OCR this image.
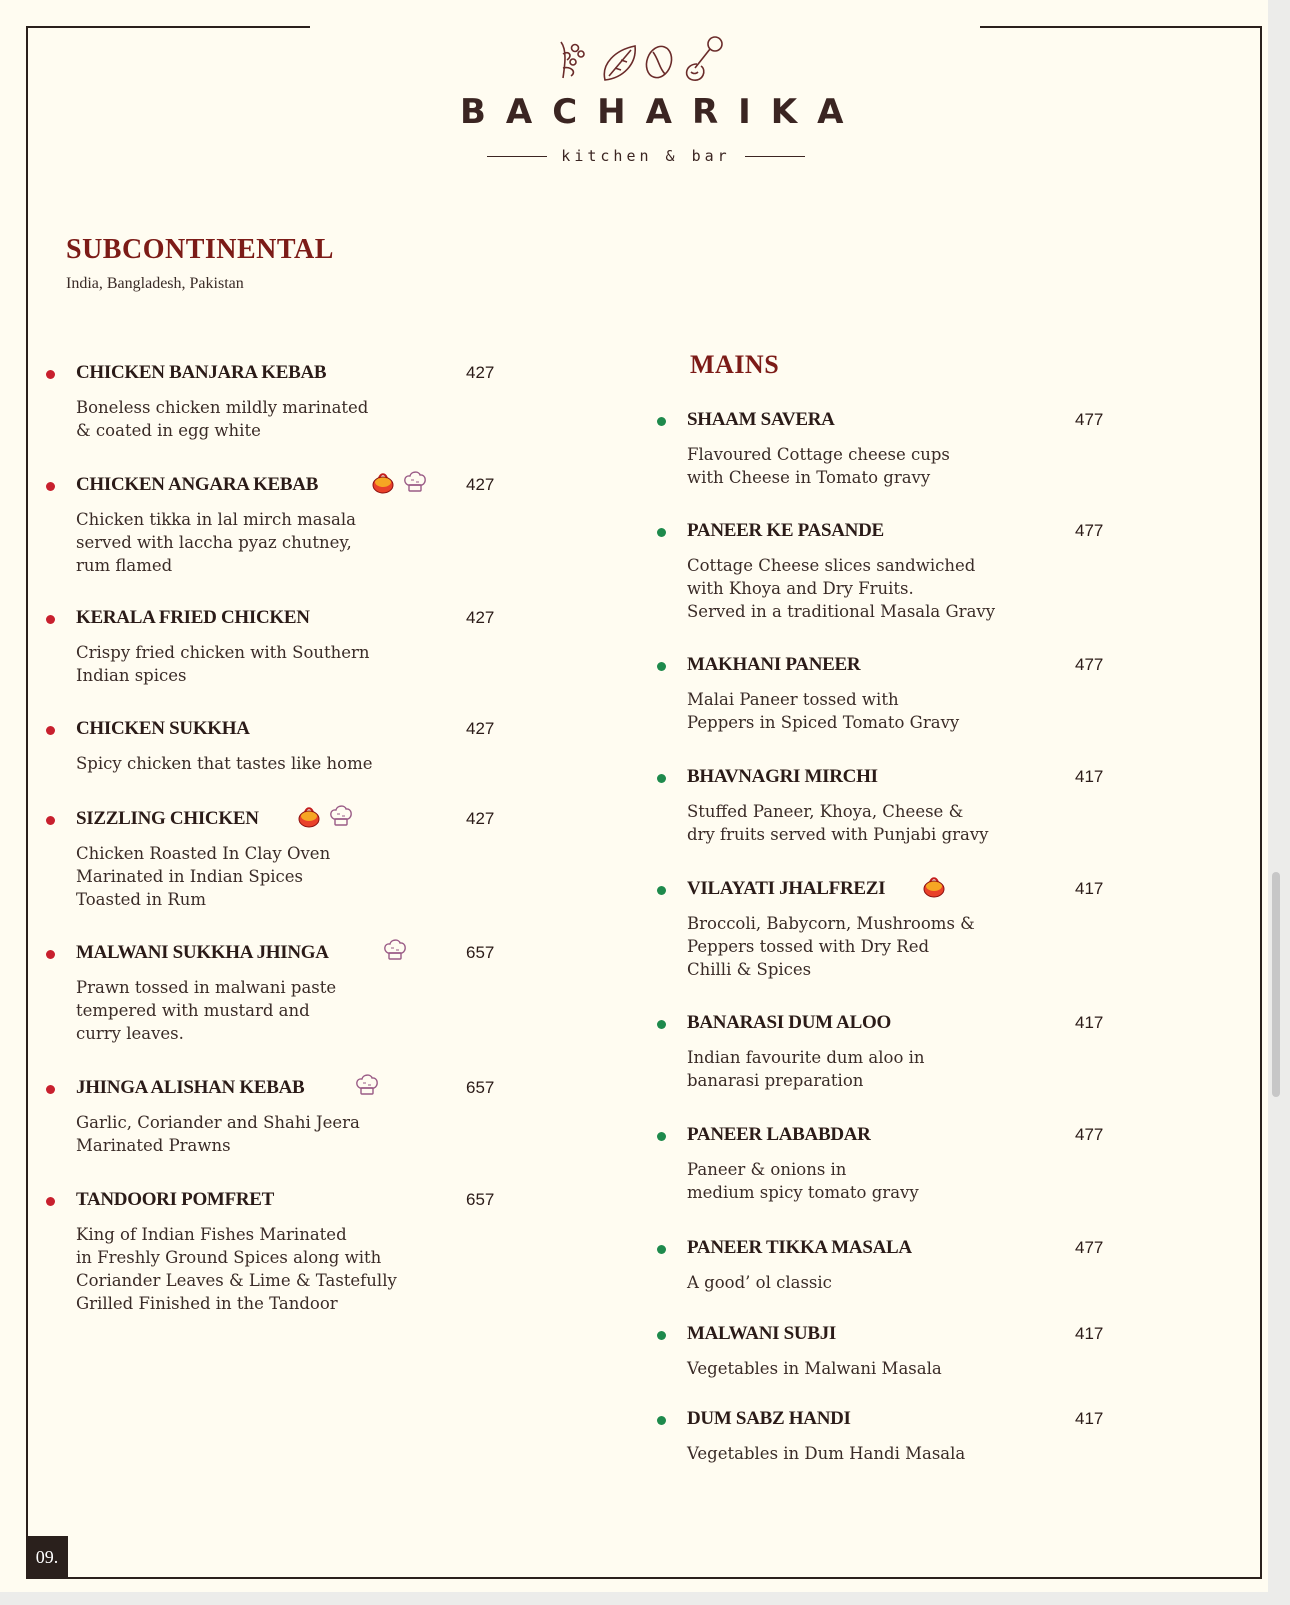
BACHARIKA
kitchen & bar
SUBCONTINENTAL
India, Bangladesh, Pakistan
MAINS
CHICKEN BANJARA KEBAB	427
Boneless chicken mildly marinated
& coated in egg white
CHICKEN ANGARA KEBAB	427
Chicken tikka in lal mirch masala
served with laccha pyaz chutney,
rum flamed
KERALA FRIED CHICKEN	427
Crispy fried chicken with Southern
Indian spices
CHICKEN SUKKHA	427
Spicy chicken that tastes like home
SIZZLING CHICKEN	427
Chicken Roasted In Clay Oven
Marinated in Indian Spices
Toasted in Rum
MALWANI SUKKHA JHINGA	657
Prawn tossed in malwani paste
tempered with mustard and
curry leaves.
JHINGA ALISHAN KEBAB	657
Garlic, Coriander and Shahi Jeera
Marinated Prawns
TANDOORI POMFRET	657
King of Indian Fishes Marinated
in Freshly Ground Spices along with
Coriander Leaves & Lime & Tastefully
Grilled Finished in the Tandoor
SHAAM SAVERA	477
Flavoured Cottage cheese cups
with Cheese in Tomato gravy
PANEER KE PASANDE	477
Cottage Cheese slices sandwiched
with Khoya and Dry Fruits.
Served in a traditional Masala Gravy
MAKHANI PANEER	477
Malai Paneer tossed with
Peppers in Spiced Tomato Gravy
BHAVNAGRI MIRCHI	417
Stuffed Paneer, Khoya, Cheese &
dry fruits served with Punjabi gravy
VILAYATI JHALFREZI	417
Broccoli, Babycorn, Mushrooms &
Peppers tossed with Dry Red
Chilli & Spices
BANARASI DUM ALOO	417
Indian favourite dum aloo in
banarasi preparation
PANEER LABABDAR	477
Paneer & onions in
medium spicy tomato gravy
PANEER TIKKA MASALA	477
A good’ ol classic
MALWANI SUBJI	417
Vegetables in Malwani Masala
DUM SABZ HANDI	417
Vegetables in Dum Handi Masala
09.
